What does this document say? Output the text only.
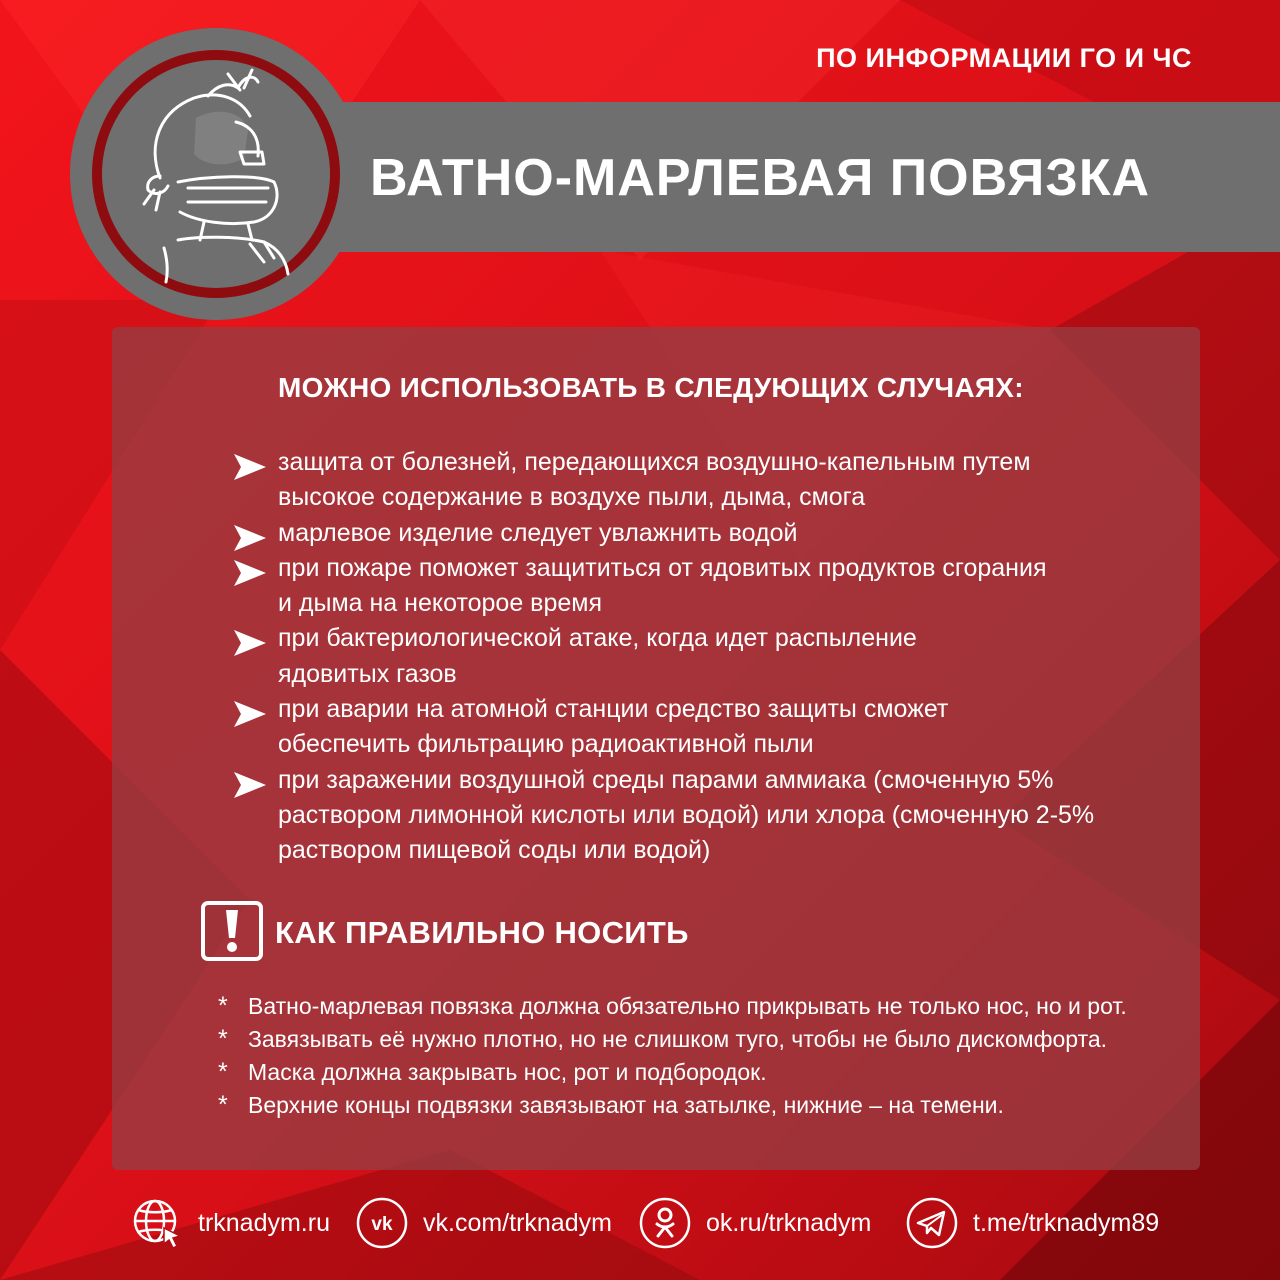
ПО ИНФОРМАЦИИ ГО И ЧС
ВАТНО-МАРЛЕВАЯ ПОВЯЗКА
МОЖНО ИСПОЛЬЗОВАТЬ В СЛЕДУЮЩИХ СЛУЧАЯХ:
защита от болезней, передающихся воздушно-капельным путем
высокое содержание в воздухе пыли, дыма, смога
марлевое изделие следует увлажнить водой
при пожаре поможет защититься от ядовитых продуктов сгорания
и дыма на некоторое время
при бактериологической атаке, когда идет распыление
ядовитых газов
при аварии на атомной станции средство защиты сможет
обеспечить фильтрацию радиоактивной пыли
при заражении воздушной среды парами аммиака (смоченную 5%
раствором лимонной кислоты или водой) или хлора (смоченную 2-5%
раствором пищевой соды или водой)
КАК ПРАВИЛЬНО НОСИТЬ
* Ватно-марлевая повязка должна обязательно прикрывать не только нос, но и рот.
* Завязывать её нужно плотно, но не слишком туго, чтобы не было дискомфорта.
* Маска должна закрывать нос, рот и подбородок.
* Верхние концы подвязки завязывают на затылке, нижние – на темени.
trknadym.ru vk vk.com/trknadym	ok.ru/trknadym	t.me/trknadym89
